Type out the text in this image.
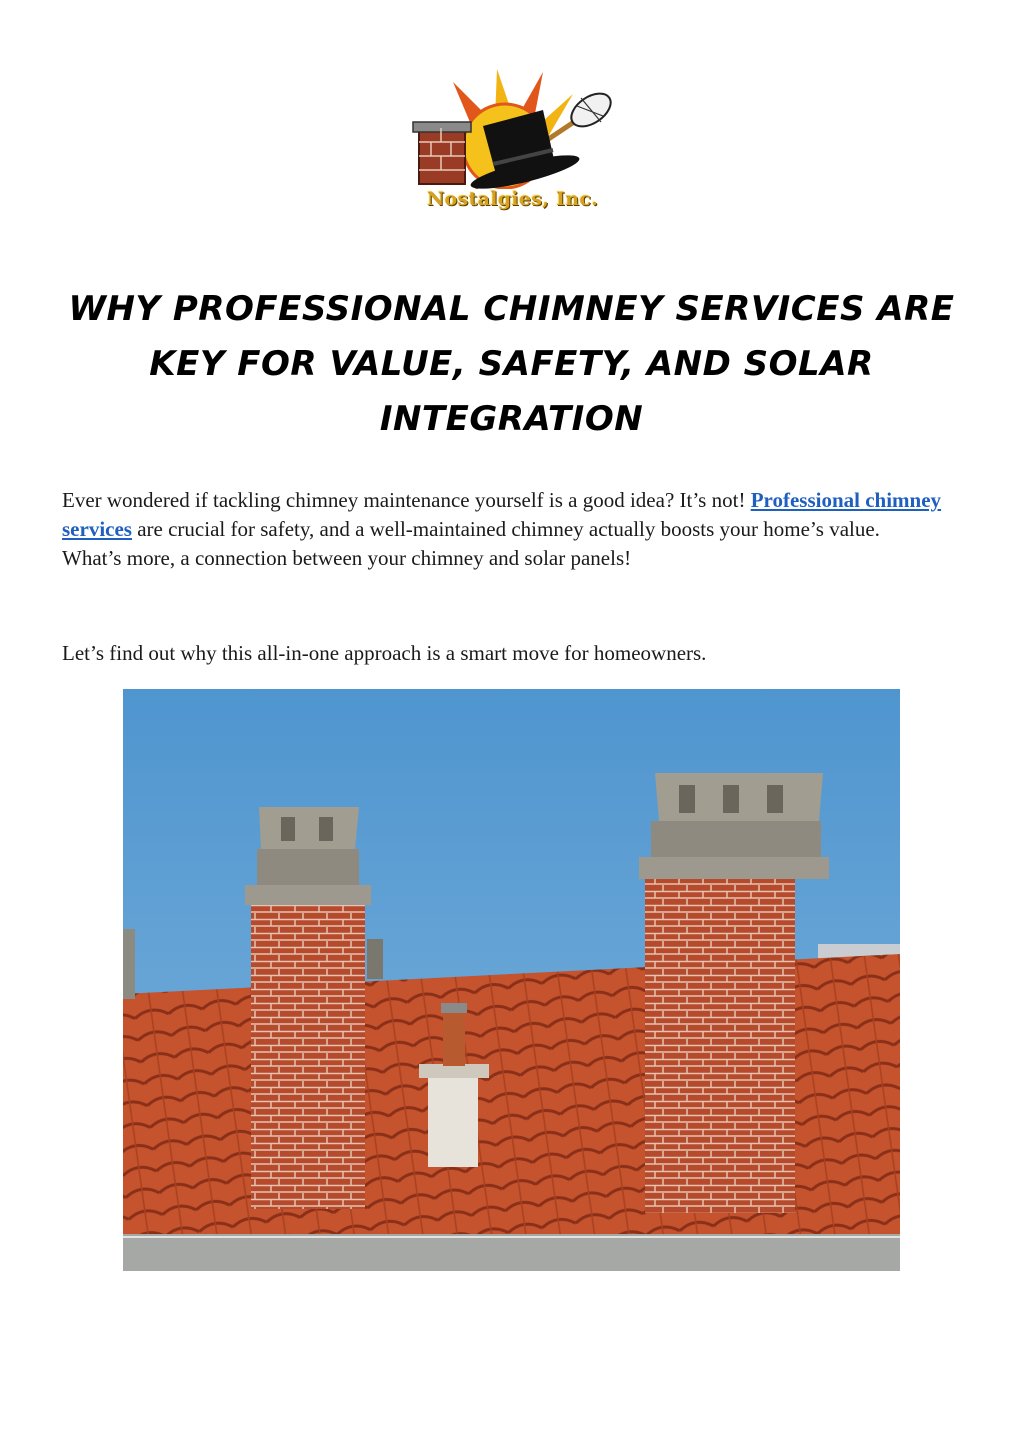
Nostalgies, Inc.
WHY PROFESSIONAL CHIMNEY SERVICES ARE KEY FOR VALUE, SAFETY, AND SOLAR INTEGRATION

Ever wondered if tackling chimney maintenance yourself is a good idea? It’s not! Professional chimney services are crucial for safety, and a well-maintained chimney actually boosts your home’s value. What’s more, a connection between your chimney and solar panels!

Let’s find out why this all-in-one approach is a smart move for homeowners.
